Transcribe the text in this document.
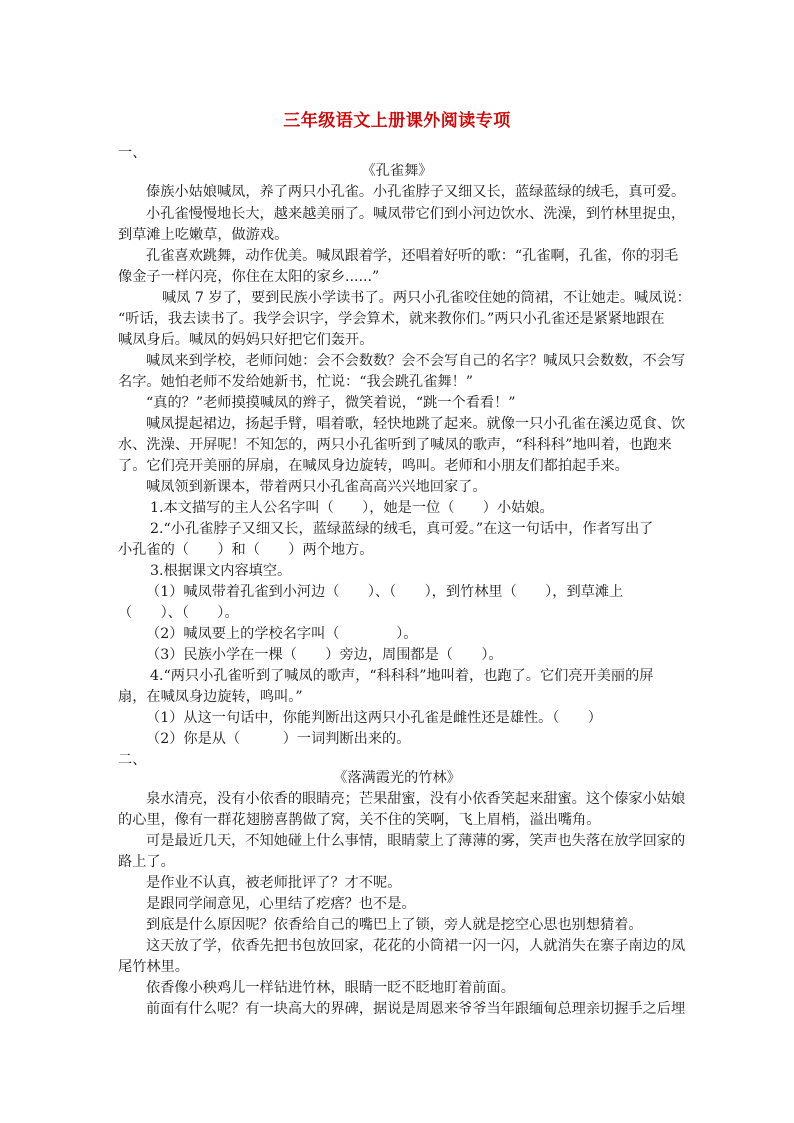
三年级语文上册课外阅读专项
一、
《孔雀舞》
傣族小姑娘喊凤，养了两只小孔雀。小孔雀脖子又细又长，蓝绿蓝绿的绒毛，真可爱。
小孔雀慢慢地长大，越来越美丽了。喊凤带它们到小河边饮水、洗澡，到竹林里捉虫，
到草滩上吃嫩草，做游戏。
孔雀喜欢跳舞，动作优美。喊凤跟着学，还唱着好听的歌：“孔雀啊，孔雀，你的羽毛
像金子一样闪亮，你住在太阳的家乡......”
喊凤 7 岁了，要到民族小学读书了。两只小孔雀咬住她的筒裙，不让她走。喊凤说：
“听话，我去读书了。我学会识字，学会算术，就来教你们。”两只小孔雀还是紧紧地跟在
喊凤身后。喊凤的妈妈只好把它们轰开。
喊凤来到学校，老师问她：会不会数数？会不会写自己的名字？喊凤只会数数，不会写
名字。她怕老师不发给她新书，忙说：“我会跳孔雀舞！”
“真的？”老师摸摸喊凤的辫子，微笑着说，“跳一个看看！”
喊凤提起裙边，扬起手臂，唱着歌，轻快地跳了起来。就像一只小孔雀在溪边觅食、饮
水、洗澡、开屏呢！不知怎的，两只小孔雀听到了喊凤的歌声，“科科科”地叫着，也跑来
了。它们亮开美丽的屏扇，在喊凤身边旋转，鸣叫。老师和小朋友们都拍起手来。
喊凤领到新课本，带着两只小孔雀高高兴兴地回家了。
1.本文描写的主人公名字叫（　　），她是一位（　　）小姑娘。
2.“小孔雀脖子又细又长，蓝绿蓝绿的绒毛，真可爱。”在这一句话中，作者写出了
小孔雀的（　　）和（　　）两个地方。
3.根据课文内容填空。
（1）喊凤带着孔雀到小河边（　　）、（　　），到竹林里（　　），到草滩上
（　　）、（　　）。
（2）喊凤要上的学校名字叫（　　　　）。
（3）民族小学在一棵（　　）旁边，周围都是（　　）。
4.“两只小孔雀听到了喊凤的歌声，“科科科”地叫着，也跑了。它们亮开美丽的屏
扇，在喊凤身边旋转，鸣叫。”
（1）从这一句话中，你能判断出这两只小孔雀是雌性还是雄性。（　　）
（2）你是从（　　　）一词判断出来的。
二、
《落满霞光的竹林》
泉水清亮，没有小依香的眼睛亮；芒果甜蜜，没有小依香笑起来甜蜜。这个傣家小姑娘
的心里，像有一群花翅膀喜鹊做了窝，关不住的笑啊，飞上眉梢，溢出嘴角。
可是最近几天，不知她碰上什么事情，眼睛蒙上了薄薄的雾，笑声也失落在放学回家的
路上了。
是作业不认真，被老师批评了？才不呢。
是跟同学闹意见，心里结了疙瘩？也不是。
到底是什么原因呢？依香给自己的嘴巴上了锁，旁人就是挖空心思也别想猜着。
这天放了学，依香先把书包放回家，花花的小筒裙一闪一闪，人就消失在寨子南边的凤
尾竹林里。
依香像小秧鸡儿一样钻进竹林，眼睛一眨不眨地盯着前面。
前面有什么呢？有一块高大的界碑，据说是周恩来爷爷当年跟缅甸总理亲切握手之后埋
